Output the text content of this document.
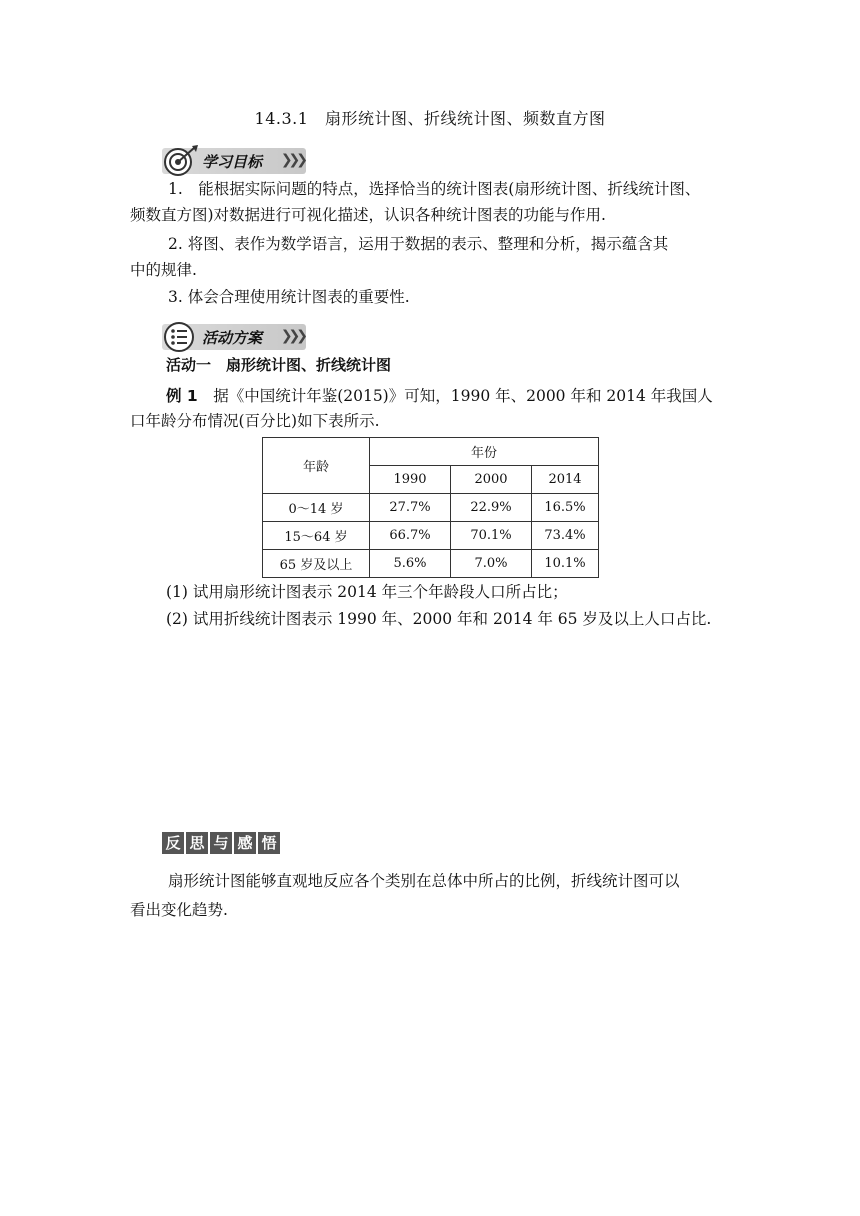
14.3.1　扇形统计图、折线统计图、频数直方图
学习目标 ❯❯❯
1.　能根据实际问题的特点，选择恰当的统计图表(扇形统计图、折线统计图、
频数直方图)对数据进行可视化描述，认识各种统计图表的功能与作用.
2. 将图、表作为数学语言，运用于数据的表示、整理和分析，揭示蕴含其
中的规律.
3. 体会合理使用统计图表的重要性.
活动方案 ❯❯❯
活动一　扇形统计图、折线统计图
例 1　据《中国统计年鉴(2015)》可知，1990 年、2000 年和 2014 年我国人
口年龄分布情况(百分比)如下表所示.
年龄	年份		
	1990	2000	2014
0～14 岁	27.7%	22.9%	16.5%
15～64 岁	66.7%	70.1%	73.4%
65 岁及以上	5.6%	7.0%	10.1%
(1) 试用扇形统计图表示 2014 年三个年龄段人口所占比；
(2) 试用折线统计图表示 1990 年、2000 年和 2014 年 65 岁及以上人口占比.
反 思 与 感 悟
扇形统计图能够直观地反应各个类别在总体中所占的比例，折线统计图可以
看出变化趋势.
